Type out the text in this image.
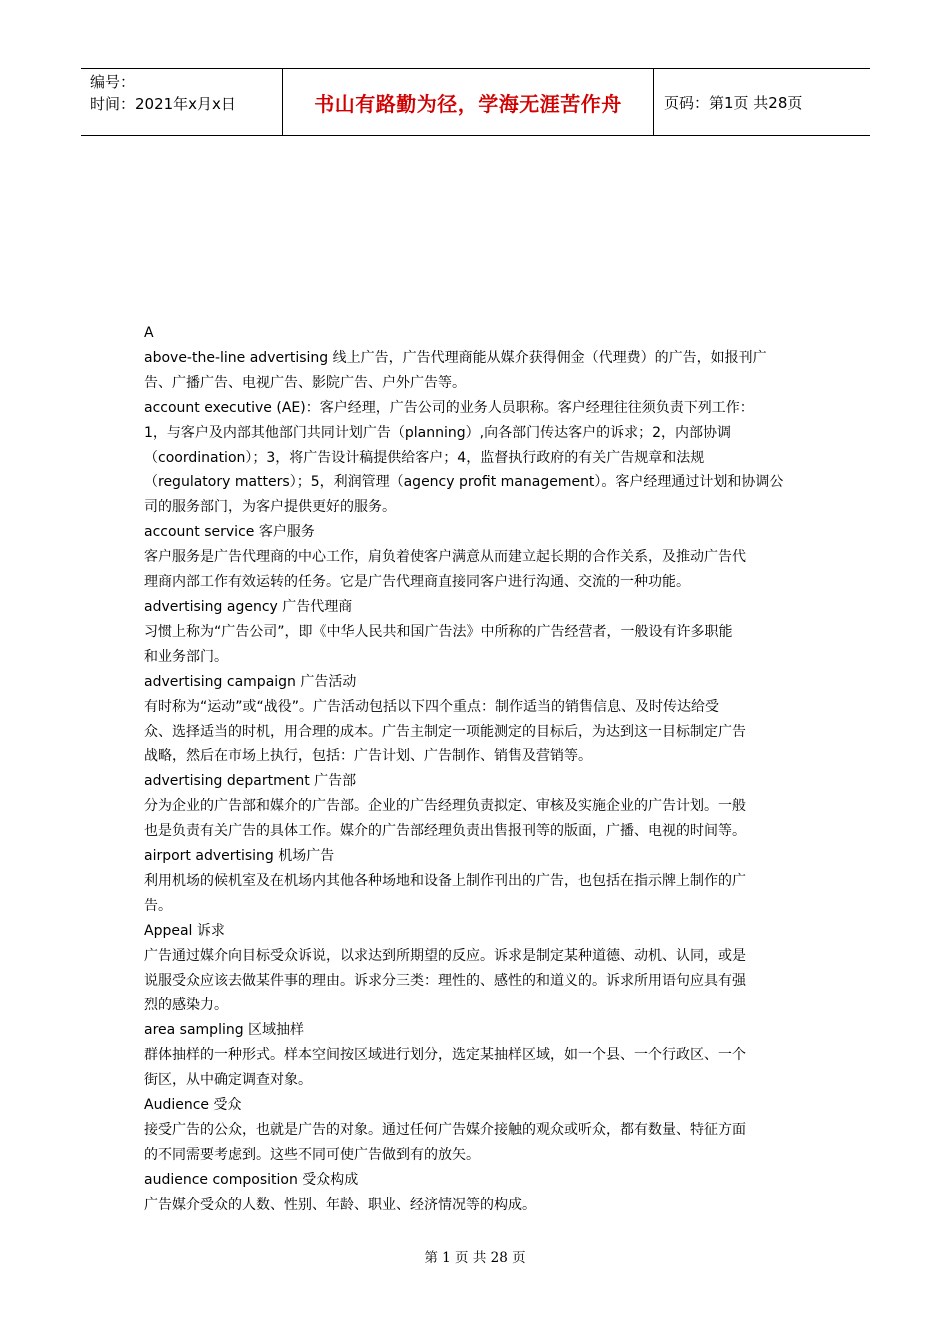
编号：
时间：2021年x月x日	书山有路勤为径，学海无涯苦作舟	页码：第1页 共28页

A

above-the-line advertising 线上广告，广告代理商能从媒介获得佣金（代理费）的广告，如报刊广

告、广播广告、电视广告、影院广告、户外广告等。

account executive (AE)：客户经理，广告公司的业务人员职称。客户经理往往须负责下列工作：

1，与客户及内部其他部门共同计划广告（planning）,向各部门传达客户的诉求；2，内部协调

（coordination）；3，将广告设计稿提供给客户；4，监督执行政府的有关广告规章和法规

（regulatory matters）；5，利润管理（agency profit management）。客户经理通过计划和协调公

司的服务部门，为客户提供更好的服务。

account service 客户服务

客户服务是广告代理商的中心工作，肩负着使客户满意从而建立起长期的合作关系，及推动广告代

理商内部工作有效运转的任务。它是广告代理商直接同客户进行沟通、交流的一种功能。

advertising agency 广告代理商

习惯上称为“广告公司”，即《中华人民共和国广告法》中所称的广告经营者，一般设有许多职能

和业务部门。

advertising campaign 广告活动

有时称为“运动”或“战役”。广告活动包括以下四个重点：制作适当的销售信息、及时传达给受

众、选择适当的时机，用合理的成本。广告主制定一项能测定的目标后，为达到这一目标制定广告

战略，然后在市场上执行，包括：广告计划、广告制作、销售及营销等。

advertising department 广告部

分为企业的广告部和媒介的广告部。企业的广告经理负责拟定、审核及实施企业的广告计划。一般

也是负责有关广告的具体工作。媒介的广告部经理负责出售报刊等的版面，广播、电视的时间等。

airport advertising 机场广告

利用机场的候机室及在机场内其他各种场地和设备上制作刊出的广告，也包括在指示牌上制作的广

告。

Appeal 诉求

广告通过媒介向目标受众诉说，以求达到所期望的反应。诉求是制定某种道德、动机、认同，或是

说服受众应该去做某件事的理由。诉求分三类：理性的、感性的和道义的。诉求所用语句应具有强

烈的感染力。

area sampling 区域抽样

群体抽样的一种形式。样本空间按区域进行划分，选定某抽样区域，如一个县、一个行政区、一个

街区，从中确定调查对象。

Audience 受众

接受广告的公众，也就是广告的对象。通过任何广告媒介接触的观众或听众，都有数量、特征方面

的不同需要考虑到。这些不同可使广告做到有的放矢。

audience composition 受众构成

广告媒介受众的人数、性别、年龄、职业、经济情况等的构成。

第 1 页 共 28 页
